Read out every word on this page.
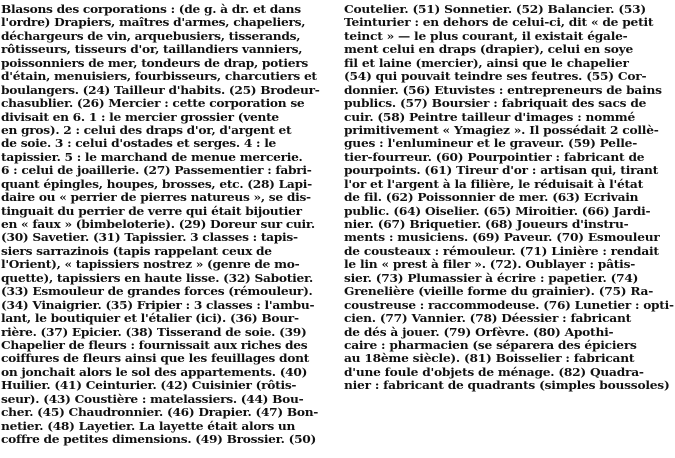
Blasons des corporations : (de g. à dr. et dans
l'ordre) Drapiers, maîtres d'armes, chapeliers,
déchargeurs de vin, arquebusiers, tisserands,
rôtisseurs, tisseurs d'or, taillandiers vanniers,
poissonniers de mer, tondeurs de drap, potiers
d'étain, menuisiers, fourbisseurs, charcutiers et
boulangers. (24) Tailleur d'habits. (25) Brodeur-
chasublier. (26) Mercier : cette corporation se
divisait en 6. 1 : le mercier grossier (vente
en gros). 2 : celui des draps d'or, d'argent et
de soie. 3 : celui d'ostades et serges. 4 : le
tapissier. 5 : le marchand de menue mercerie.
6 : celui de joaillerie. (27) Passementier : fabri-
quant épingles, houpes, brosses, etc. (28) Lapi-
daire ou « perrier de pierres natureus », se dis-
tinguait du perrier de verre qui était bijoutier
en « faux » (bimbeloterie). (29) Doreur sur cuir.
(30) Savetier. (31) Tapissier. 3 classes : tapis-
siers sarrazinois (tapis rappelant ceux de
l'Orient), « tapissiers nostrez » (genre de mo-
quette), tapissiers en haute lisse. (32) Sabotier.
(33) Esmouleur de grandes forces (rémouleur).
(34) Vinaigrier. (35) Fripier : 3 classes : l'ambu-
lant, le boutiquier et l'étalier (ici). (36) Bour-
rière. (37) Epicier. (38) Tisserand de soie. (39)
Chapelier de fleurs : fournissait aux riches des
coiffures de fleurs ainsi que les feuillages dont
on jonchait alors le sol des appartements. (40)
Huilier. (41) Ceinturier. (42) Cuisinier (rôtis-
seur). (43) Coustière : matelassiers. (44) Bou-
cher. (45) Chaudronnier. (46) Drapier. (47) Bon-
netier. (48) Layetier. La layette était alors un
coffre de petites dimensions. (49) Brossier. (50)
Coutelier. (51) Sonnetier. (52) Balancier. (53)
Teinturier : en dehors de celui-ci, dit « de petit
teinct » — le plus courant, il existait égale-
ment celui en draps (drapier), celui en soye
fil et laine (mercier), ainsi que le chapelier
(54) qui pouvait teindre ses feutres. (55) Cor-
donnier. (56) Etuvistes : entrepreneurs de bains
publics. (57) Boursier : fabriquait des sacs de
cuir. (58) Peintre tailleur d'images : nommé
primitivement « Ymagiez ». Il possédait 2 collè-
gues : l'enlumineur et le graveur. (59) Pelle-
tier-fourreur. (60) Pourpointier : fabricant de
pourpoints. (61) Tireur d'or : artisan qui, tirant
l'or et l'argent à la filière, le réduisait à l'état
de fil. (62) Poissonnier de mer. (63) Ecrivain
public. (64) Oiselier. (65) Miroitier. (66) Jardi-
nier. (67) Briquetier. (68) Joueurs d'instru-
ments : musiciens. (69) Paveur. (70) Esmouleur
de cousteaux : rémouleur. (71) Linière : rendait
le lin « prest à filer ». (72). Oublayer : pâtis-
sier. (73) Plumassier à écrire : papetier. (74)
Grenelière (vieille forme du grainier). (75) Ra-
coustreuse : raccommodeuse. (76) Lunetier : opti-
cien. (77) Vannier. (78) Déessier : fabricant
de dés à jouer. (79) Orfèvre. (80) Apothi-
caire : pharmacien (se séparera des épiciers
au 18ème siècle). (81) Boisselier : fabricant
d'une foule d'objets de ménage. (82) Quadra-
nier : fabricant de quadrants (simples boussoles)
